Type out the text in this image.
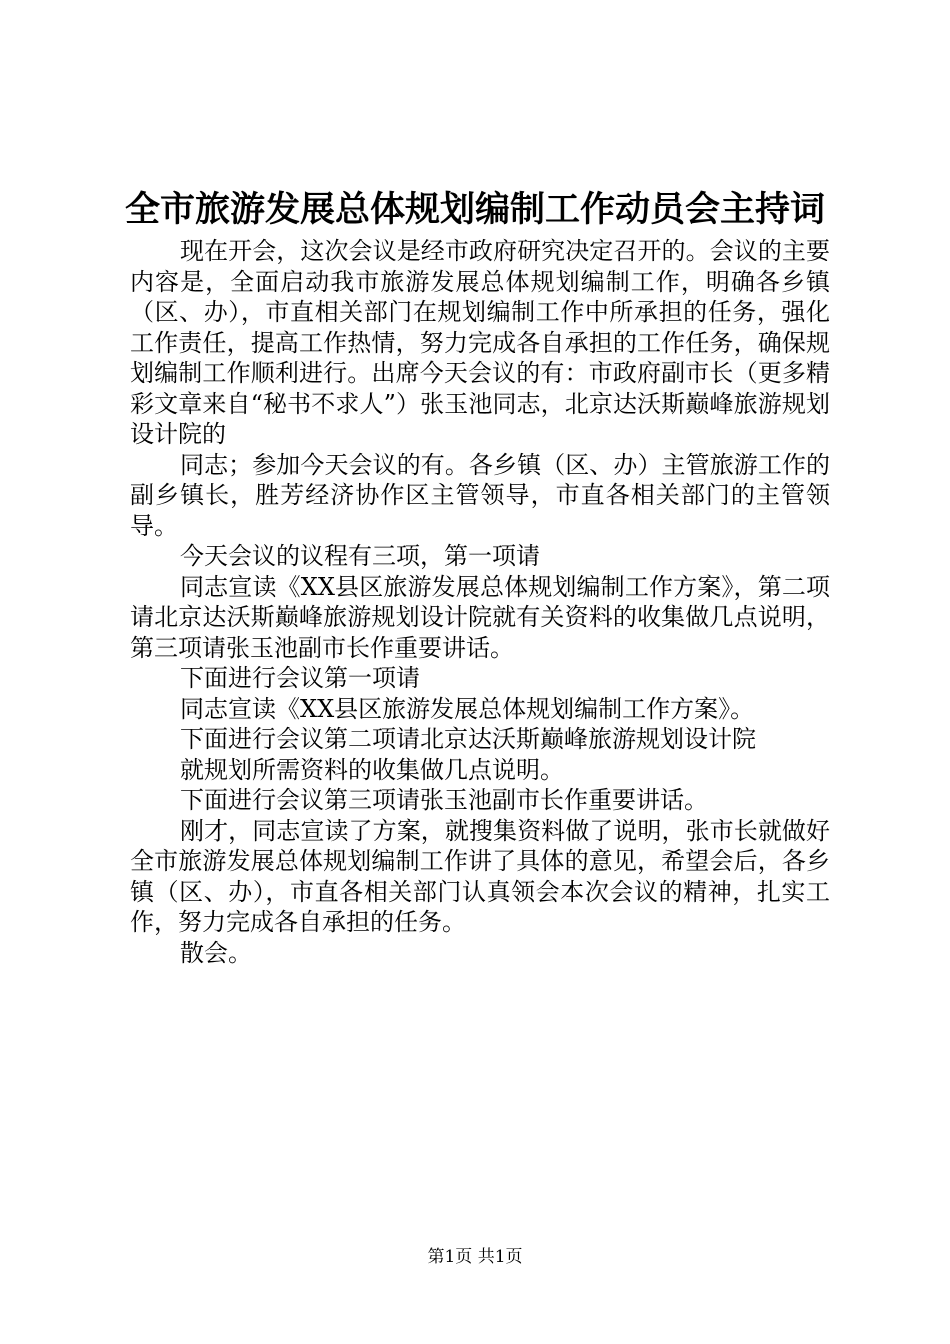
全市旅游发展总体规划编制工作动员会主持词

现在开会，这次会议是经市政府研究决定召开的。会议的主要内容是，全面启动我市旅游发展总体规划编制工作，明确各乡镇（区、办），市直相关部门在规划编制工作中所承担的任务，强化工作责任，提高工作热情，努力完成各自承担的工作任务，确保规划编制工作顺利进行。出席今天会议的有：市政府副市长（更多精彩文章来自“秘书不求人”）张玉池同志，北京达沃斯巅峰旅游规划设计院的

同志；参加今天会议的有。各乡镇（区、办）主管旅游工作的副乡镇长，胜芳经济协作区主管领导，市直各相关部门的主管领导。

今天会议的议程有三项，第一项请

同志宣读《XX县区旅游发展总体规划编制工作方案》，第二项请北京达沃斯巅峰旅游规划设计院就有关资料的收集做几点说明，第三项请张玉池副市长作重要讲话。

下面进行会议第一项请

同志宣读《XX县区旅游发展总体规划编制工作方案》。

下面进行会议第二项请北京达沃斯巅峰旅游规划设计院

就规划所需资料的收集做几点说明。

下面进行会议第三项请张玉池副市长作重要讲话。

刚才，同志宣读了方案，就搜集资料做了说明，张市长就做好全市旅游发展总体规划编制工作讲了具体的意见，希望会后，各乡镇（区、办），市直各相关部门认真领会本次会议的精神，扎实工作，努力完成各自承担的任务。

散会。

第1页 共1页
